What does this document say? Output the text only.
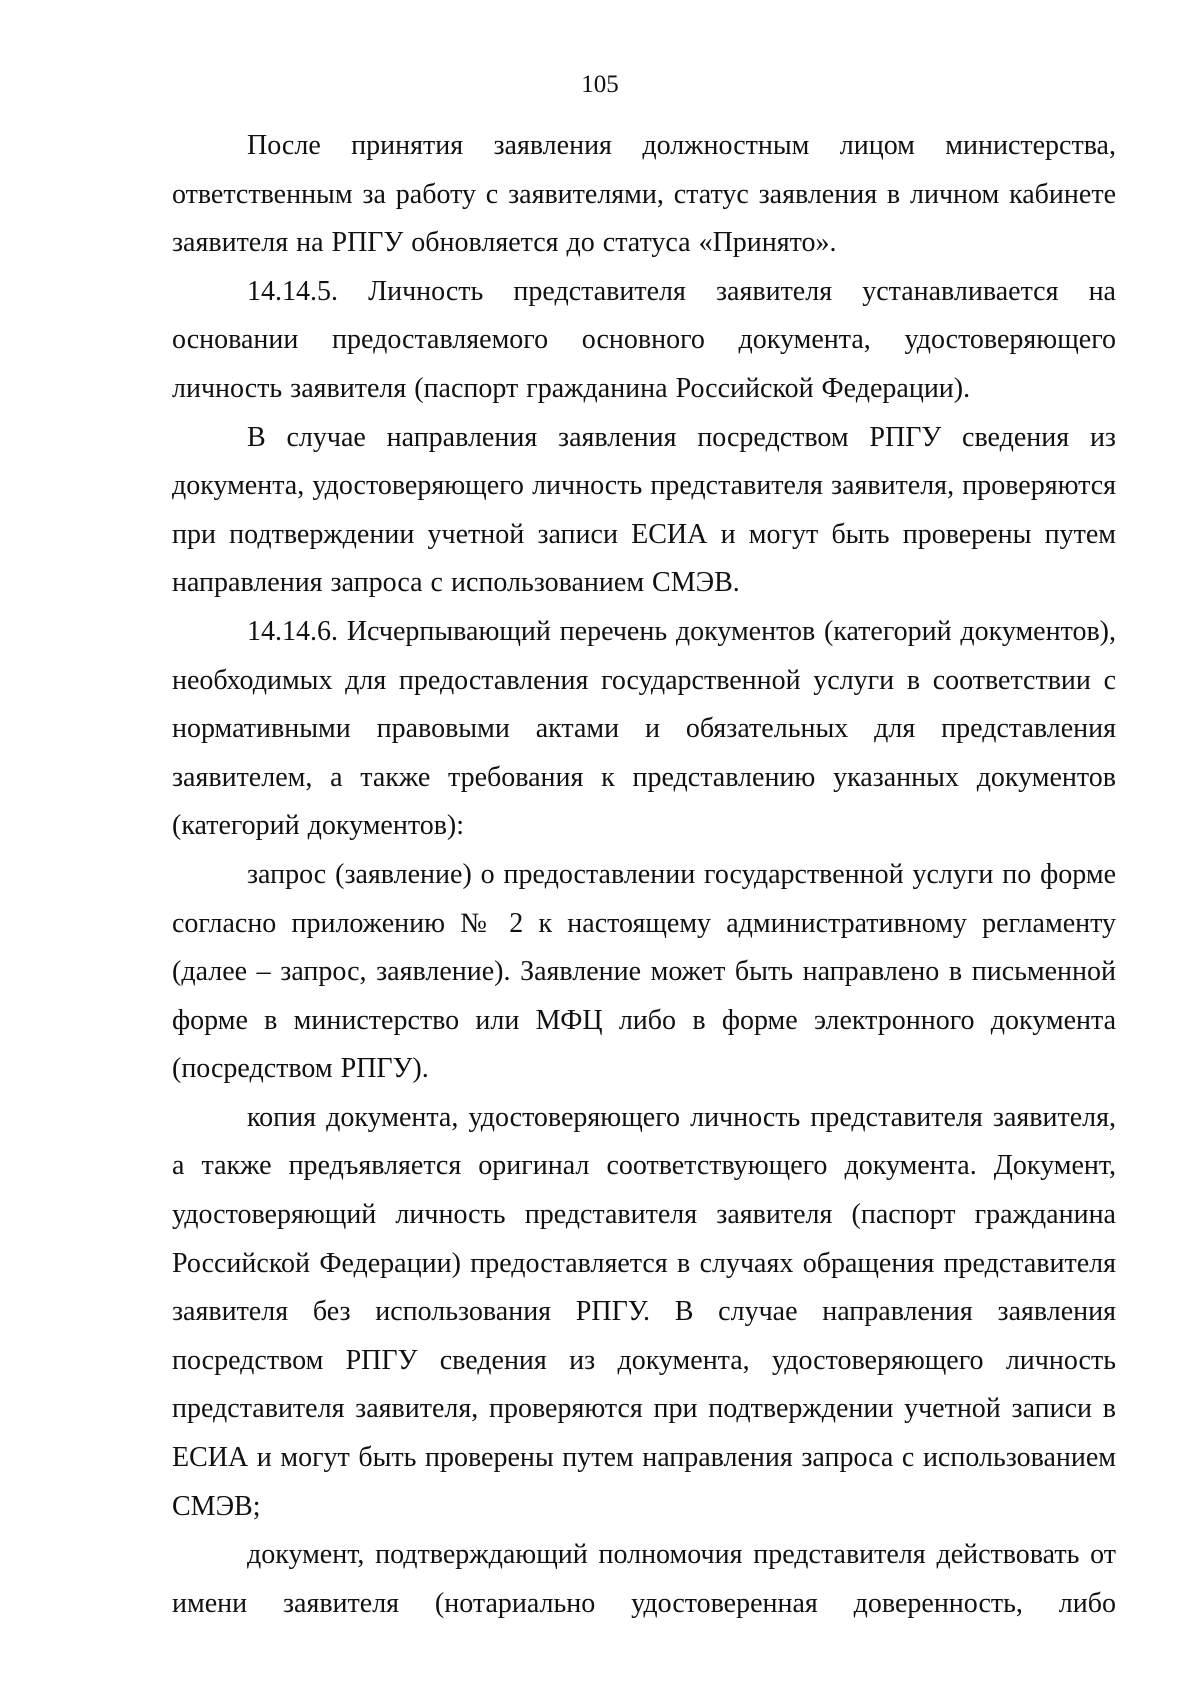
105

После принятия заявления должностным лицом министерства, ответственным за работу с заявителями, статус заявления в личном кабинете заявителя на РПГУ обновляется до статуса «Принято».

14.14.5. Личность представителя заявителя устанавливается на основании предоставляемого основного документа, удостоверяющего личность заявителя (паспорт гражданина Российской Федерации).

В случае направления заявления посредством РПГУ сведения из документа, удостоверяющего личность представителя заявителя, проверяются при подтверждении учетной записи ЕСИА и могут быть проверены путем направления запроса с использованием СМЭВ.

14.14.6. Исчерпывающий перечень документов (категорий документов), необходимых для предоставления государственной услуги в соответствии с нормативными правовыми актами и обязательных для представления заявителем, а также требования к представлению указанных документов (категорий документов):

запрос (заявление) о предоставлении государственной услуги по форме согласно приложению № 2 к настоящему административному регламенту (далее – запрос, заявление). Заявление может быть направлено в письменной форме в министерство или МФЦ либо в форме электронного документа (посредством РПГУ).

копия документа, удостоверяющего личность представителя заявителя, а также предъявляется оригинал соответствующего документа. Документ, удостоверяющий личность представителя заявителя (паспорт гражданина Российской Федерации) предоставляется в случаях обращения представителя заявителя без использования РПГУ. В случае направления заявления посредством РПГУ сведения из документа, удостоверяющего личность представителя заявителя, проверяются при подтверждении учетной записи в ЕСИА и могут быть проверены путем направления запроса с использованием СМЭВ;

документ, подтверждающий полномочия представителя действовать от имени заявителя (нотариально удостоверенная доверенность, либо
